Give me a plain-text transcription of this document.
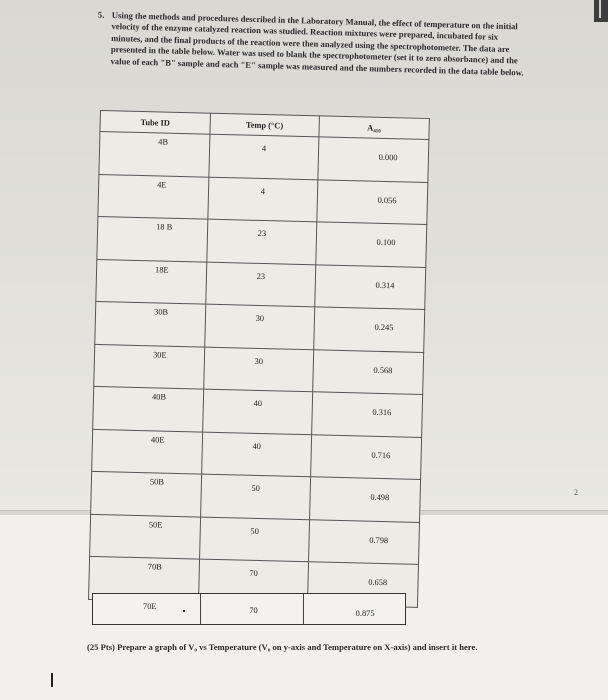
5. Using the methods and procedures described in the Laboratory Manual, the effect of temperature on the initial velocity of the enzyme catalyzed reaction was studied. Reaction mixtures were prepared, incubated for six minutes, and the final products of the reaction were then analyzed using the spectrophotometer. The data are presented in the table below. Water was used to blank the spectrophotometer (set it to zero absorbance) and the value of each "B" sample and each "E" sample was measured and the numbers recorded in the data table below.
Tube ID	Temp (°C)	A₄₁₀
4B	4	0.000
4E	4	0.056
18 B	23	0.100
18E	23	0.314
30B	30	0.245
30E	30	0.568
40B	40	0.316
40E	40	0.716
50B	50	0.498
50E	50	0.798
70B	70	0.658
2
70E	70	0.875
(25 Pts) Prepare a graph of V₀ vs Temperature (V₀ on y-axis and Temperature on X-axis) and insert it here.
